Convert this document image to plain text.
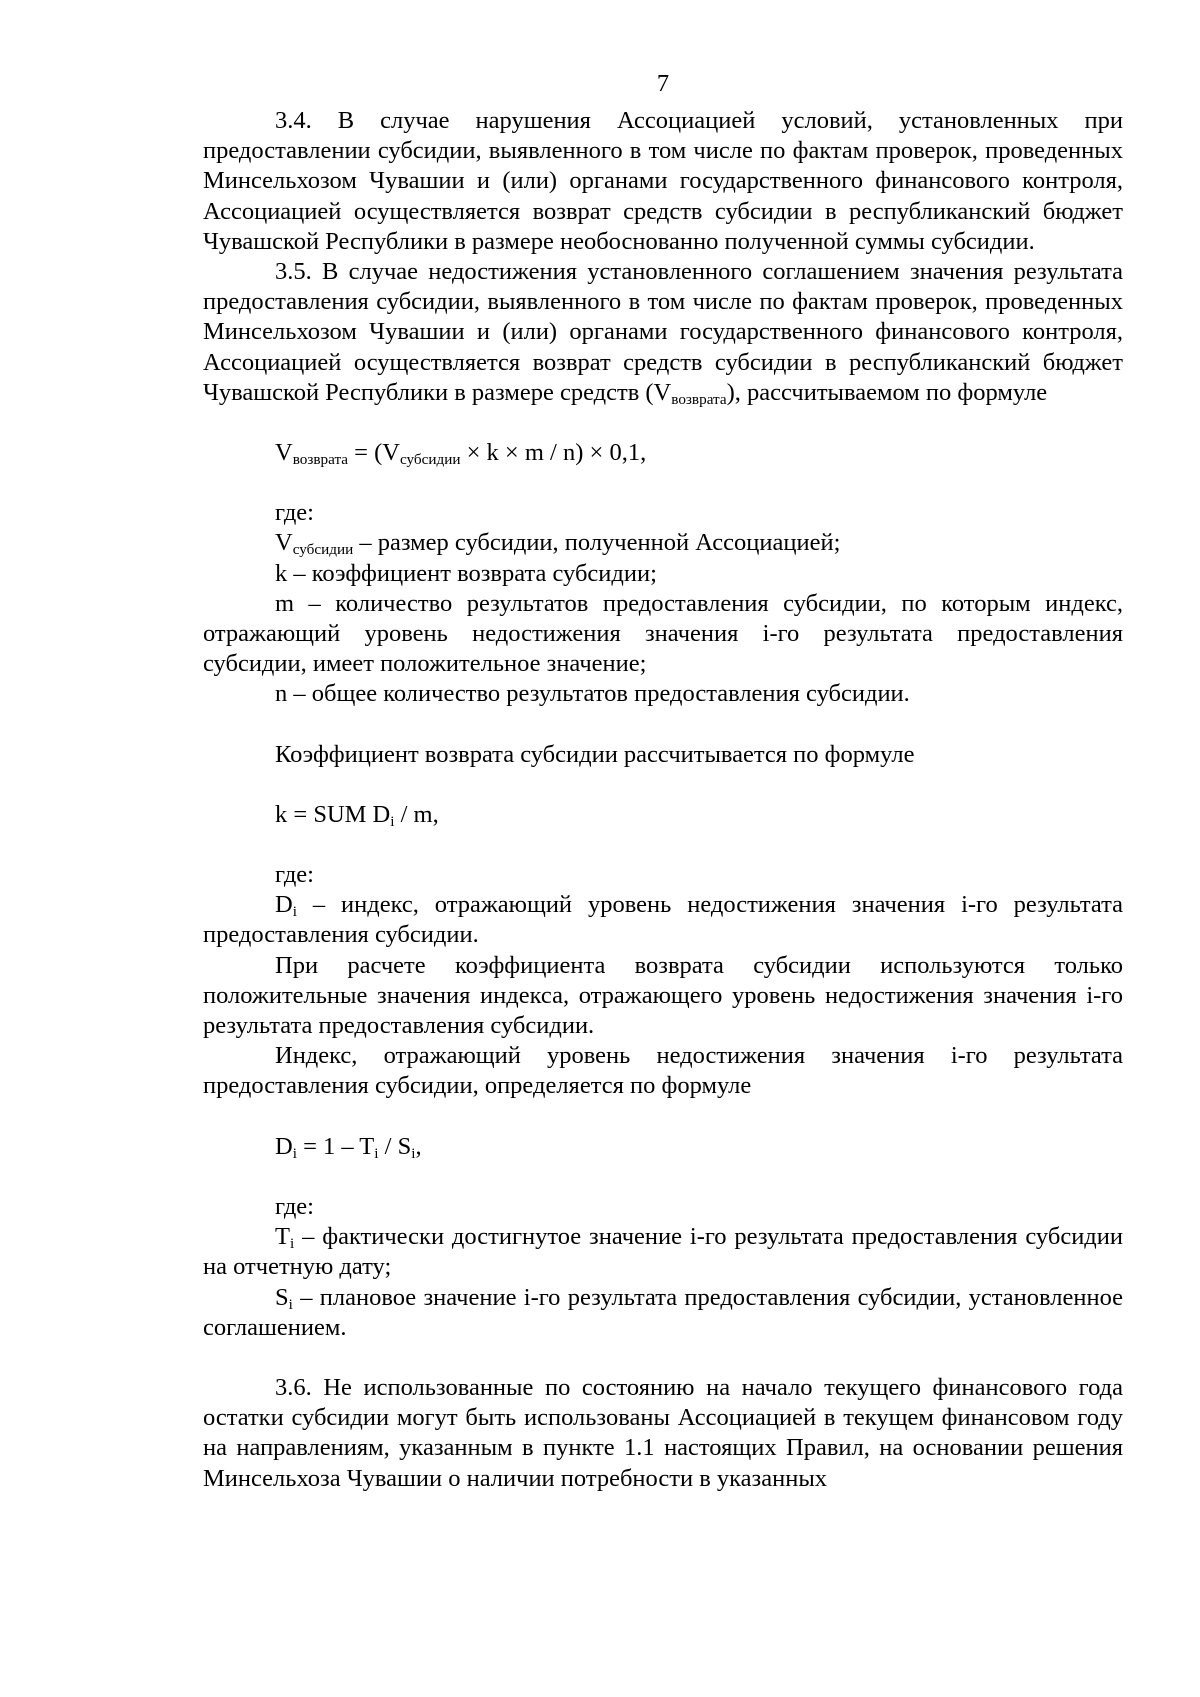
7

3.4. В случае нарушения Ассоциацией условий, установленных при предоставлении субсидии, выявленного в том числе по фактам проверок, проведенных Минсельхозом Чувашии и (или) органами государственного финансового контроля, Ассоциацией осуществляется возврат средств субсидии в республиканский бюджет Чувашской Республики в размере необоснованно полученной суммы субсидии.

3.5. В случае недостижения установленного соглашением значения результата предоставления субсидии, выявленного в том числе по фактам проверок, проведенных Минсельхозом Чувашии и (или) органами государственного финансового контроля, Ассоциацией осуществляется возврат средств субсидии в республиканский бюджет Чувашской Республики в размере средств $(V_{возврата})$, рассчитываемом по формуле

$V_{возврата} = (V_{субсидии} \times k \times m / n) \times 0,1$,

где:

$V_{субсидии}$ – размер субсидии, полученной Ассоциацией;

k – коэффициент возврата субсидии;

m – количество результатов предоставления субсидии, по которым индекс, отражающий уровень недостижения значения i-го результата предоставления субсидии, имеет положительное значение;

n – общее количество результатов предоставления субсидии.

Коэффициент возврата субсидии рассчитывается по формуле

k = SUM $D_i$ / m,

где:

$D_i$ – индекс, отражающий уровень недостижения значения i-го результата предоставления субсидии.

При расчете коэффициента возврата субсидии используются только положительные значения индекса, отражающего уровень недостижения значения i-го результата предоставления субсидии.

Индекс, отражающий уровень недостижения значения i-го результата предоставления субсидии, определяется по формуле

$D_i = 1 - T_i / S_i$,

где:

$T_i$ – фактически достигнутое значение i-го результата предоставления субсидии на отчетную дату;

$S_i$ – плановое значение i-го результата предоставления субсидии, установленное соглашением.

3.6. Не использованные по состоянию на начало текущего финансового года остатки субсидии могут быть использованы Ассоциацией в текущем финансовом году на направлениям, указанным в пункте 1.1 настоящих Правил, на основании решения Минсельхоза Чувашии о наличии потребности в указанных
